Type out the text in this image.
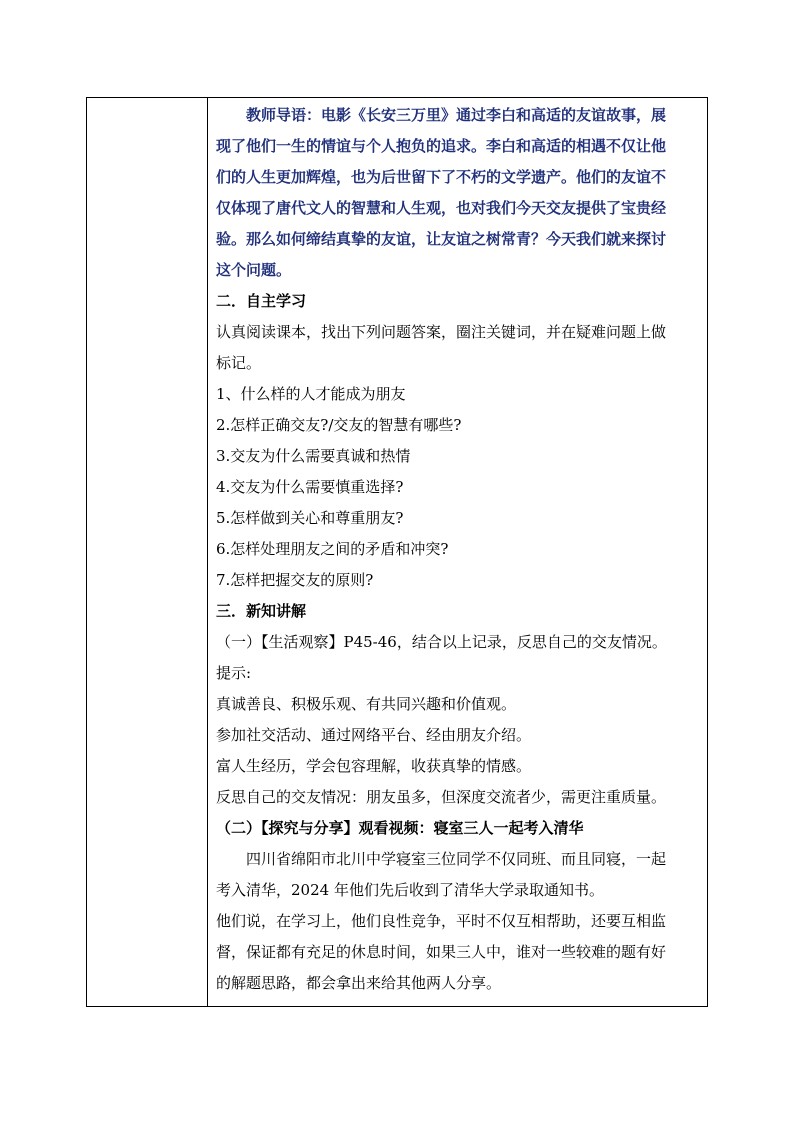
教师导语：电影《长安三万里》通过李白和高适的友谊故事，展
现了他们一生的情谊与个人抱负的追求。李白和高适的相遇不仅让他
们的人生更加辉煌，也为后世留下了不朽的文学遗产。他们的友谊不
仅体现了唐代文人的智慧和人生观，也对我们今天交友提供了宝贵经
验。那么如何缔结真挚的友谊，让友谊之树常青？今天我们就来探讨
这个问题。
二．自主学习
认真阅读课本，找出下列问题答案，圈注关键词，并在疑难问题上做
标记。
1、什么样的人才能成为朋友
2.怎样正确交友?/交友的智慧有哪些?
3.交友为什么需要真诚和热情
4.交友为什么需要慎重选择?
5.怎样做到关心和尊重朋友?
6.怎样处理朋友之间的矛盾和冲突?
7.怎样把握交友的原则?
三．新知讲解
（一）【生活观察】P45-46，结合以上记录，反思自己的交友情况。
提示:
真诚善良、积极乐观、有共同兴趣和价值观。
参加社交活动、通过网络平台、经由朋友介绍。
富人生经历，学会包容理解，收获真挚的情感。
反思自己的交友情况：朋友虽多，但深度交流者少，需更注重质量。
（二）【探究与分享】观看视频：寝室三人一起考入清华
四川省绵阳市北川中学寝室三位同学不仅同班、而且同寝，一起
考入清华，2024 年他们先后收到了清华大学录取通知书。
他们说，在学习上，他们良性竞争，平时不仅互相帮助，还要互相监
督，保证都有充足的休息时间，如果三人中，谁对一些较难的题有好
的解题思路，都会拿出来给其他两人分享。
